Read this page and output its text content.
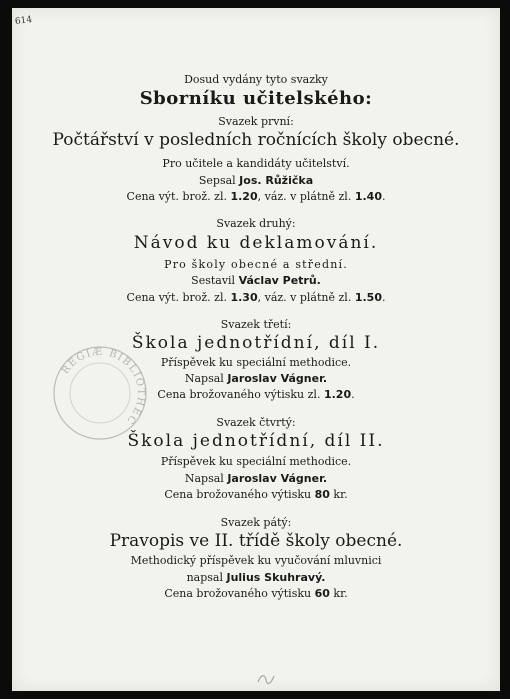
614
REGIÆ BIBLIOTHEC
Dosud vydány tyto svazky
Sborníku učitelského:
Svazek první:
Počtářství v posledních ročnících školy obecné.
Pro učitele a kandidáty učitelství.
Sepsal Jos. Růžička
Cena výt. brož. zl. 1.20, váz. v plátně zl. 1.40.
Svazek druhý:
Návod ku deklamování.
Pro školy obecné a střední.
Sestavil Václav Petrů.
Cena výt. brož. zl. 1.30, váz. v plátně zl. 1.50.
Svazek třetí:
Škola jednotřídní, díl I.
Příspěvek ku speciální methodice.
Napsal Jaroslav Vágner.
Cena brožovaného výtisku zl. 1.20.
Svazek čtvrtý:
Škola jednotřídní, díl II.
Příspěvek ku speciální methodice.
Napsal Jaroslav Vágner.
Cena brožovaného výtisku 80 kr.
Svazek pátý:
Pravopis ve II. třídě školy obecné.
Methodický příspěvek ku vyučování mluvnici
napsal Julius Skuhravý.
Cena brožovaného výtisku 60 kr.
